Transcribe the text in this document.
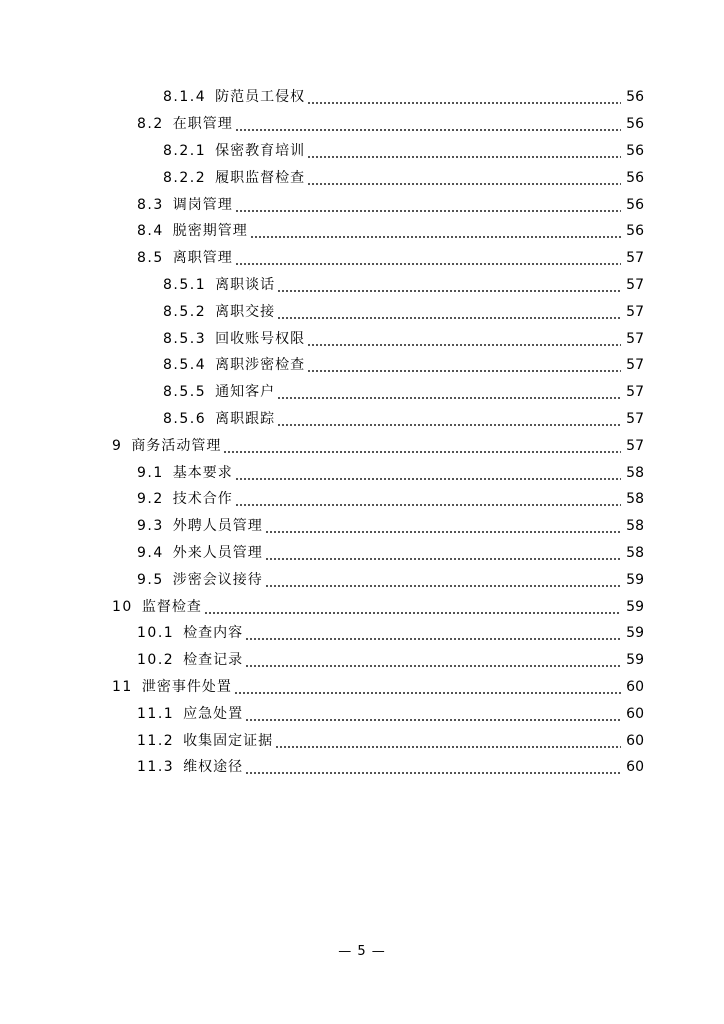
8.1.4 防范员工侵权	56
8.2 在职管理	56
8.2.1 保密教育培训	56
8.2.2 履职监督检查	56
8.3 调岗管理	56
8.4 脱密期管理	56
8.5 离职管理	57
8.5.1 离职谈话	57
8.5.2 离职交接	57
8.5.3 回收账号权限	57
8.5.4 离职涉密检查	57
8.5.5 通知客户	57
8.5.6 离职跟踪	57
9 商务活动管理	57
9.1 基本要求	58
9.2 技术合作	58
9.3 外聘人员管理	58
9.4 外来人员管理	58
9.5 涉密会议接待	59
10 监督检查	59
10.1 检查内容	59
10.2 检查记录	59
11 泄密事件处置	60
11.1 应急处置	60
11.2 收集固定证据	60
11.3 维权途径	60
— 5 —
